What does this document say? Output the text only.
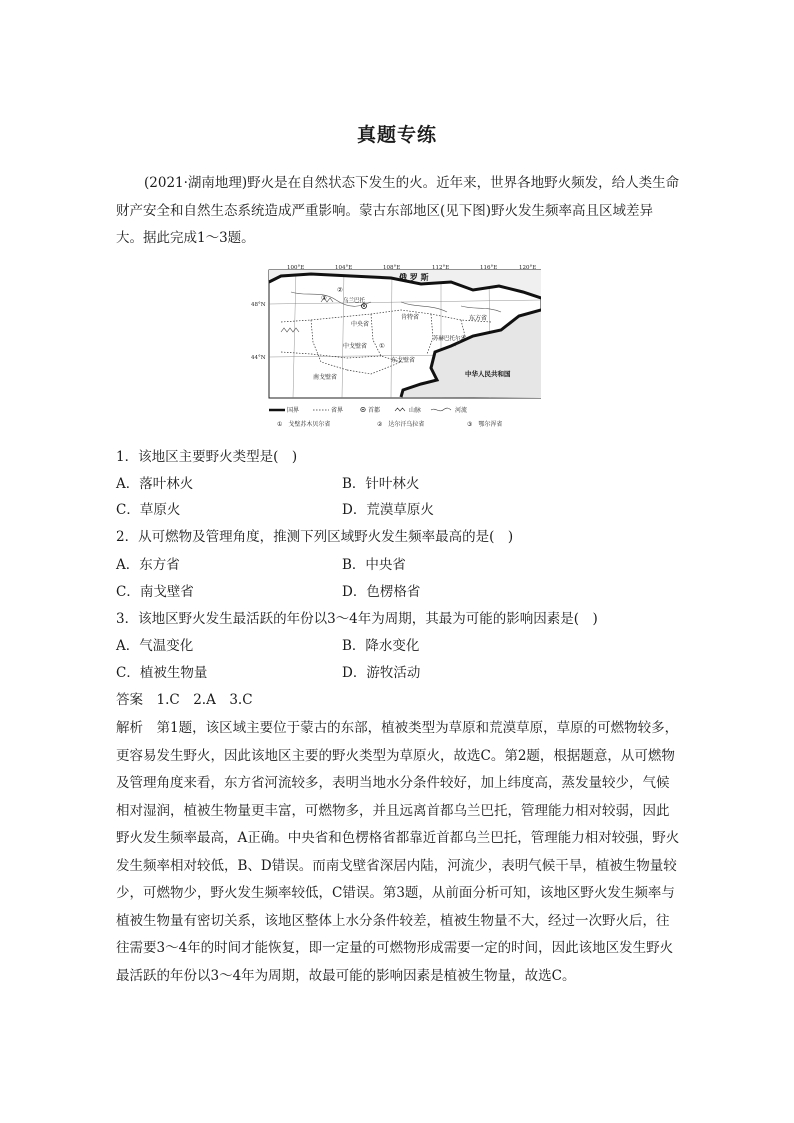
真题专练
(2021·湖南地理)野火是在自然状态下发生的火。近年来，世界各地野火频发，给人类生命财产安全和自然生态系统造成严重影响。蒙古东部地区(见下图)野火发生频率高且区域差异大。据此完成1～3题。
100°E	104°E	108°E	112°E	116°E	120°E
48°N
44°N
俄 罗 斯
中华人民共和国
乌兰巴托
中央省
肯特省	东方省
中戈壁省
苏赫巴托尔省
东戈壁省
南戈壁省
①
②
③
国界	省界	首都	山脉	河流
①　戈壁苏木贝尔省	②　达尔汗乌拉省	③　鄂尔浑省
1．该地区主要野火类型是(　)
A．落叶林火	B．针叶林火
C．草原火	D．荒漠草原火
2．从可燃物及管理角度，推测下列区域野火发生频率最高的是(　)
A．东方省	B．中央省
C．南戈壁省	D．色楞格省
3．该地区野火发生最活跃的年份以3～4年为周期，其最为可能的影响因素是(　)
A．气温变化	B．降水变化
C．植被生物量	D．游牧活动
答案　1.C　2.A　3.C
解析　第1题，该区域主要位于蒙古的东部，植被类型为草原和荒漠草原，草原的可燃物较多，更容易发生野火，因此该地区主要的野火类型为草原火，故选C。第2题，根据题意，从可燃物及管理角度来看，东方省河流较多，表明当地水分条件较好，加上纬度高，蒸发量较少，气候相对湿润，植被生物量更丰富，可燃物多，并且远离首都乌兰巴托，管理能力相对较弱，因此野火发生频率最高，A正确。中央省和色楞格省都靠近首都乌兰巴托，管理能力相对较强，野火发生频率相对较低，B、D错误。而南戈壁省深居内陆，河流少，表明气候干旱，植被生物量较少，可燃物少，野火发生频率较低，C错误。第3题，从前面分析可知，该地区野火发生频率与植被生物量有密切关系，该地区整体上水分条件较差，植被生物量不大，经过一次野火后，往往需要3～4年的时间才能恢复，即一定量的可燃物形成需要一定的时间，因此该地区发生野火最活跃的年份以3～4年为周期，故最可能的影响因素是植被生物量，故选C。
